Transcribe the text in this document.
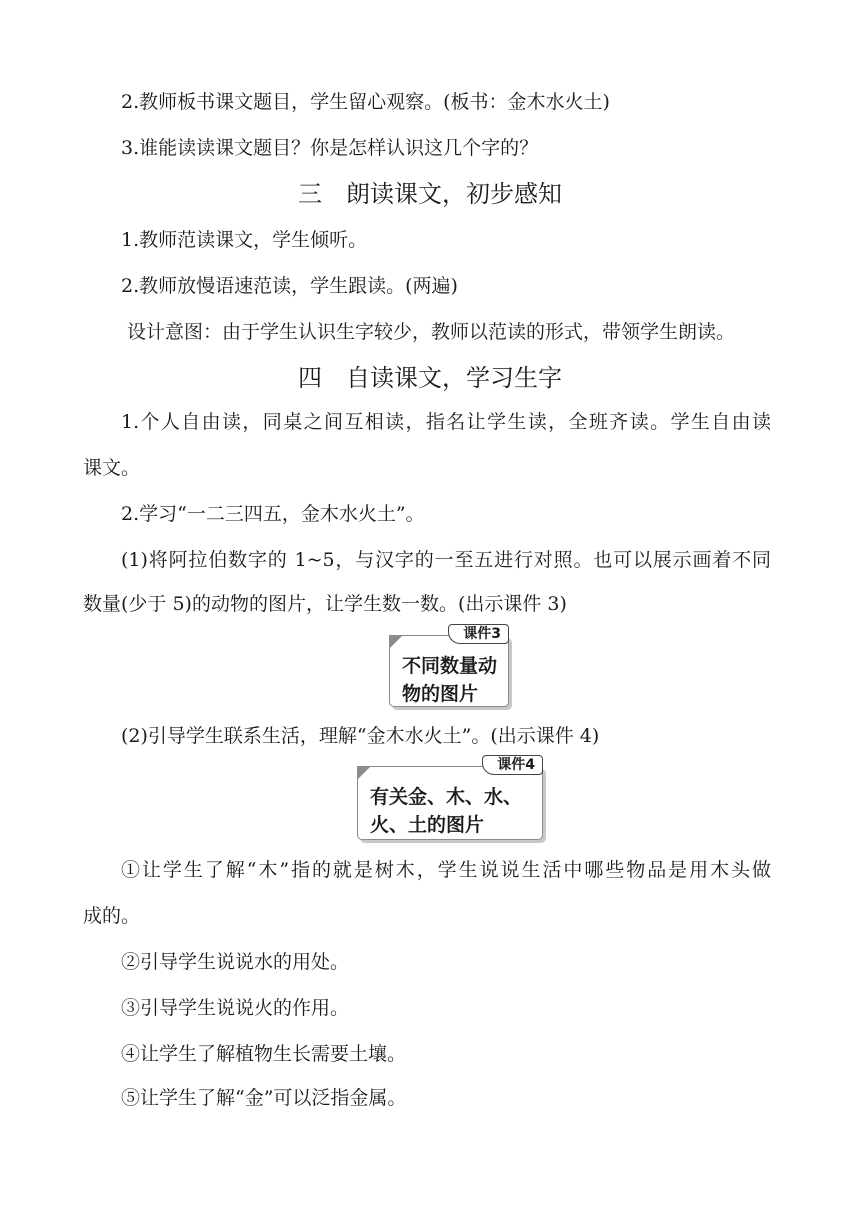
2.教师板书课文题目，学生留心观察。(板书：金木水火土)
3.谁能读读课文题目？你是怎样认识这几个字的？
三 朗读课文，初步感知
1.教师范读课文，学生倾听。
2.教师放慢语速范读，学生跟读。(两遍)
设计意图：由于学生认识生字较少，教师以范读的形式，带领学生朗读。
四 自读课文，学习生字
1.个人自由读，同桌之间互相读，指名让学生读，全班齐读。学生自由读
课文。
2.学习“一二三四五，金木水火土”。
(1)将阿拉伯数字的 1~5，与汉字的一至五进行对照。也可以展示画着不同
数量(少于 5)的动物的图片，让学生数一数。(出示课件 3)
课件3
不同数量动
物的图片
(2)引导学生联系生活，理解“金木水火土”。(出示课件 4)
课件4
有关金、木、水、
火、土的图片
①让学生了解“木”指的就是树木，学生说说生活中哪些物品是用木头做
成的。
②引导学生说说水的用处。
③引导学生说说火的作用。
④让学生了解植物生长需要土壤。
⑤让学生了解“金”可以泛指金属。
